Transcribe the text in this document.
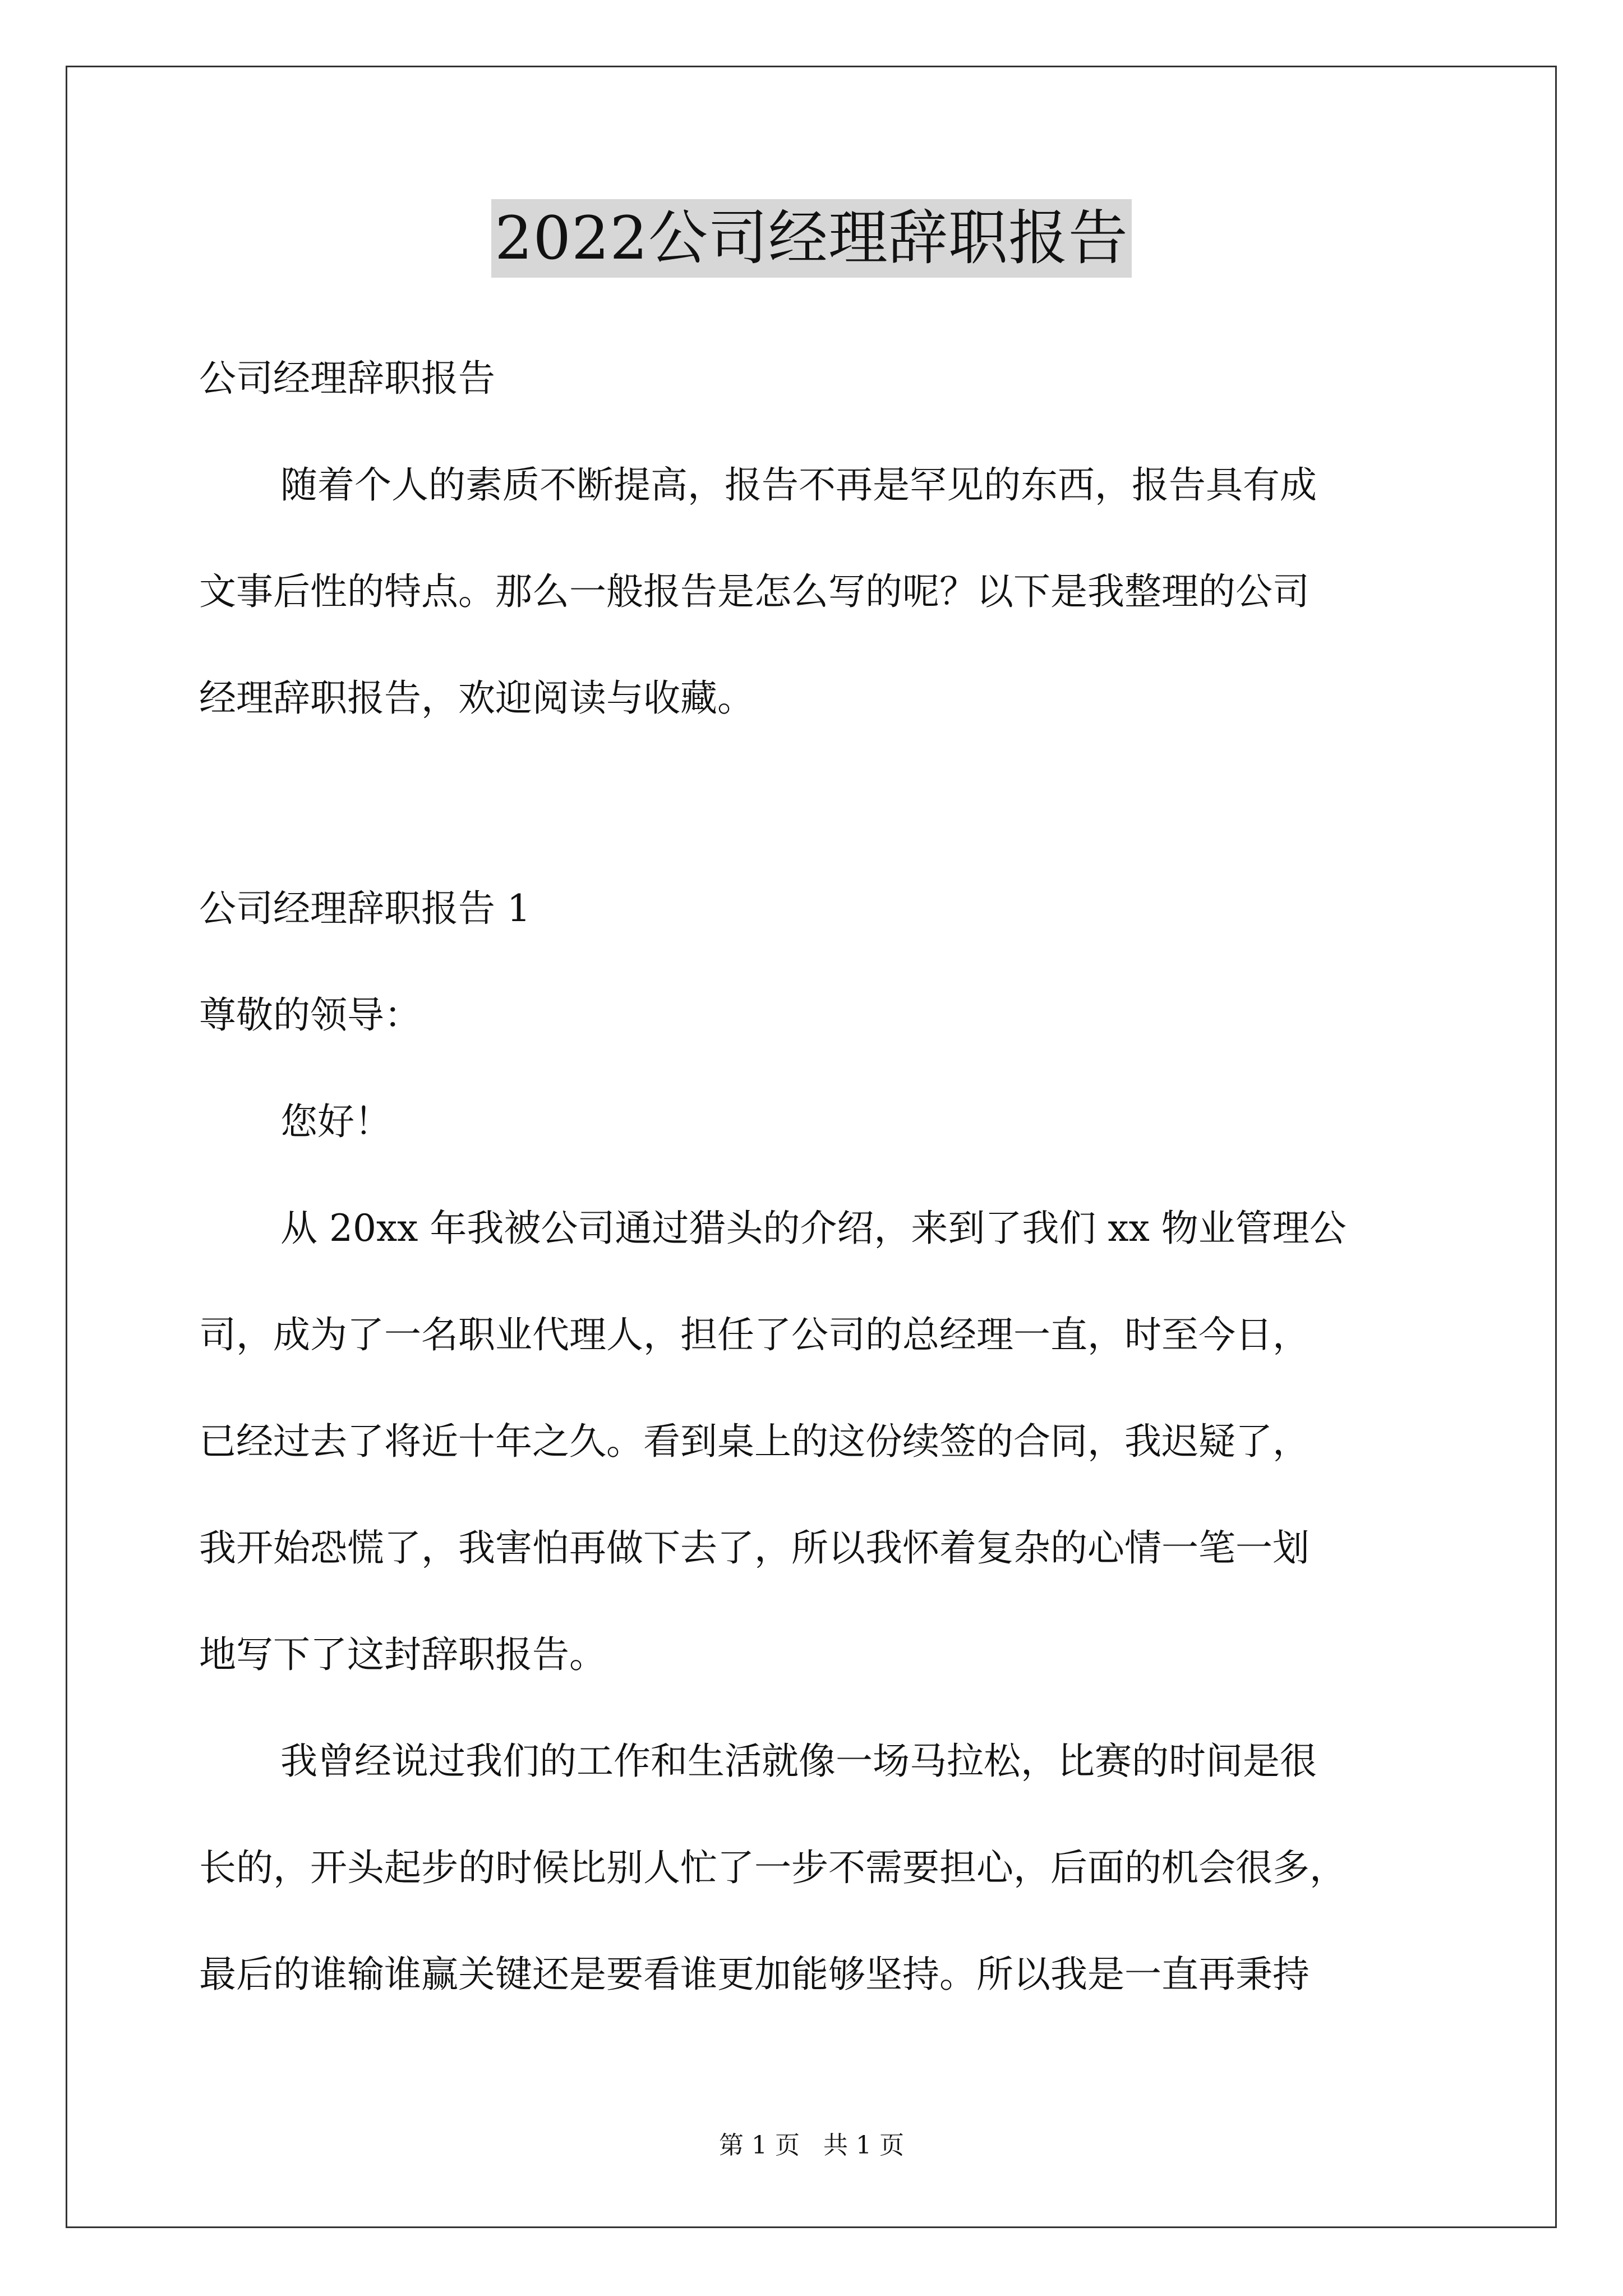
2022公司经理辞职报告
公司经理辞职报告
随着个人的素质不断提高，报告不再是罕见的东西，报告具有成
文事后性的特点。那么一般报告是怎么写的呢？以下是我整理的公司
经理辞职报告，欢迎阅读与收藏。
公司经理辞职报告 1
尊敬的领导：
您好！
从 20xx 年我被公司通过猎头的介绍，来到了我们 xx 物业管理公
司，成为了一名职业代理人，担任了公司的总经理一直，时至今日，
已经过去了将近十年之久。看到桌上的这份续签的合同，我迟疑了，
我开始恐慌了，我害怕再做下去了，所以我怀着复杂的心情一笔一划
地写下了这封辞职报告。
我曾经说过我们的工作和生活就像一场马拉松，比赛的时间是很
长的，开头起步的时候比别人忙了一步不需要担心，后面的机会很多，
最后的谁输谁赢关键还是要看谁更加能够坚持。所以我是一直再秉持
第 1 页   共 1 页
